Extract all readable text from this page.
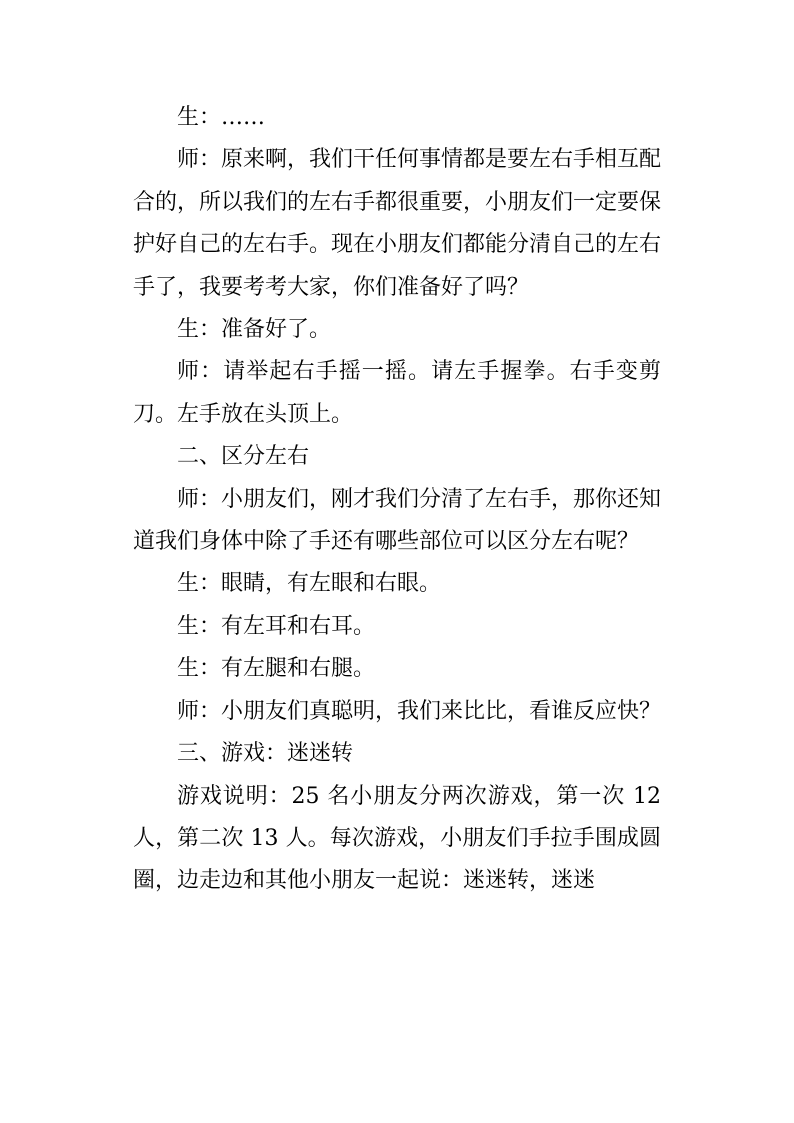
生：……

师：原来啊，我们干任何事情都是要左右手相互配合的，所以我们的左右手都很重要，小朋友们一定要保护好自己的左右手。现在小朋友们都能分清自己的左右手了，我要考考大家，你们准备好了吗？

生：准备好了。

师：请举起右手摇一摇。请左手握拳。右手变剪刀。左手放在头顶上。

二、区分左右

师：小朋友们，刚才我们分清了左右手，那你还知道我们身体中除了手还有哪些部位可以区分左右呢？

生：眼睛，有左眼和右眼。

生：有左耳和右耳。

生：有左腿和右腿。

师：小朋友们真聪明，我们来比比，看谁反应快？

三、游戏：迷迷转

游戏说明：25 名小朋友分两次游戏，第一次 12 人，第二次 13 人。每次游戏，小朋友们手拉手围成圆圈，边走边和其他小朋友一起说：迷迷转，迷迷
